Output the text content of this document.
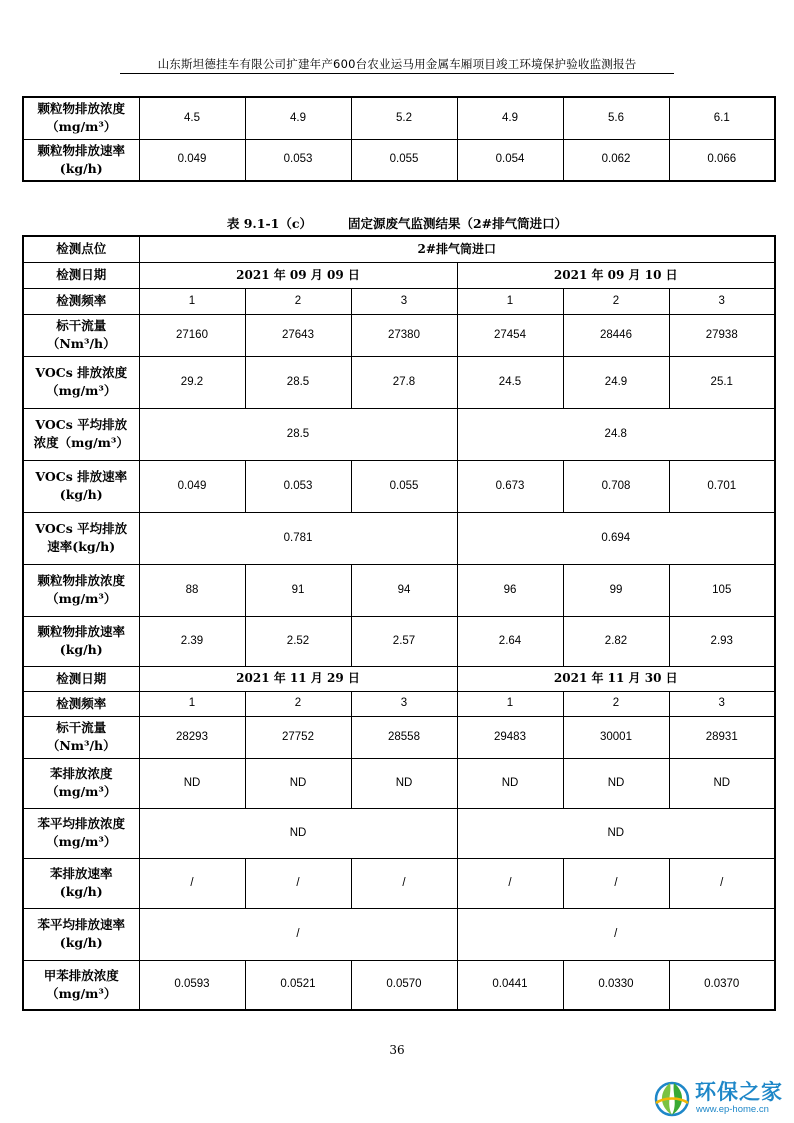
山东斯坦德挂车有限公司扩建年产600台农业运马用金属车厢项目竣工环境保护验收监测报告
颗粒物排放浓度
（mg/m³）	4.5	4.9	5.2	4.9	5.6	6.1
颗粒物排放速率
(kg/h)	0.049	0.053	0.055	0.054	0.062	0.066
表 9.1-1（c）	固定源废气监测结果（2#排气筒进口）
检测点位	2#排气筒进口					
检测日期	2021 年 09 月 09 日			2021 年 09 月 10 日		
检测频率	1	2	3	1	2	3
标干流量
（Nm³/h）	27160	27643	27380	27454	28446	27938
VOCs 排放浓度
（mg/m³）	29.2	28.5	27.8	24.5	24.9	25.1
VOCs 平均排放
浓度（mg/m³）	28.5			24.8		
VOCs 排放速率
(kg/h)	0.049	0.053	0.055	0.673	0.708	0.701
VOCs 平均排放
速率(kg/h)	0.781			0.694		
颗粒物排放浓度
（mg/m³）	88	91	94	96	99	105
颗粒物排放速率
(kg/h)	2.39	2.52	2.57	2.64	2.82	2.93
检测日期	2021 年 11 月 29 日			2021 年 11 月 30 日		
检测频率	1	2	3	1	2	3
标干流量
（Nm³/h）	28293	27752	28558	29483	30001	28931
苯排放浓度
（mg/m³）	ND	ND	ND	ND	ND	ND
苯平均排放浓度
（mg/m³）	ND			ND		
苯排放速率
(kg/h)	/	/	/	/	/	/
苯平均排放速率
(kg/h)	/			/		
甲苯排放浓度
（mg/m³）	0.0593	0.0521	0.0570	0.0441	0.0330	0.0370
36
环保之家
www.ep-home.cn
